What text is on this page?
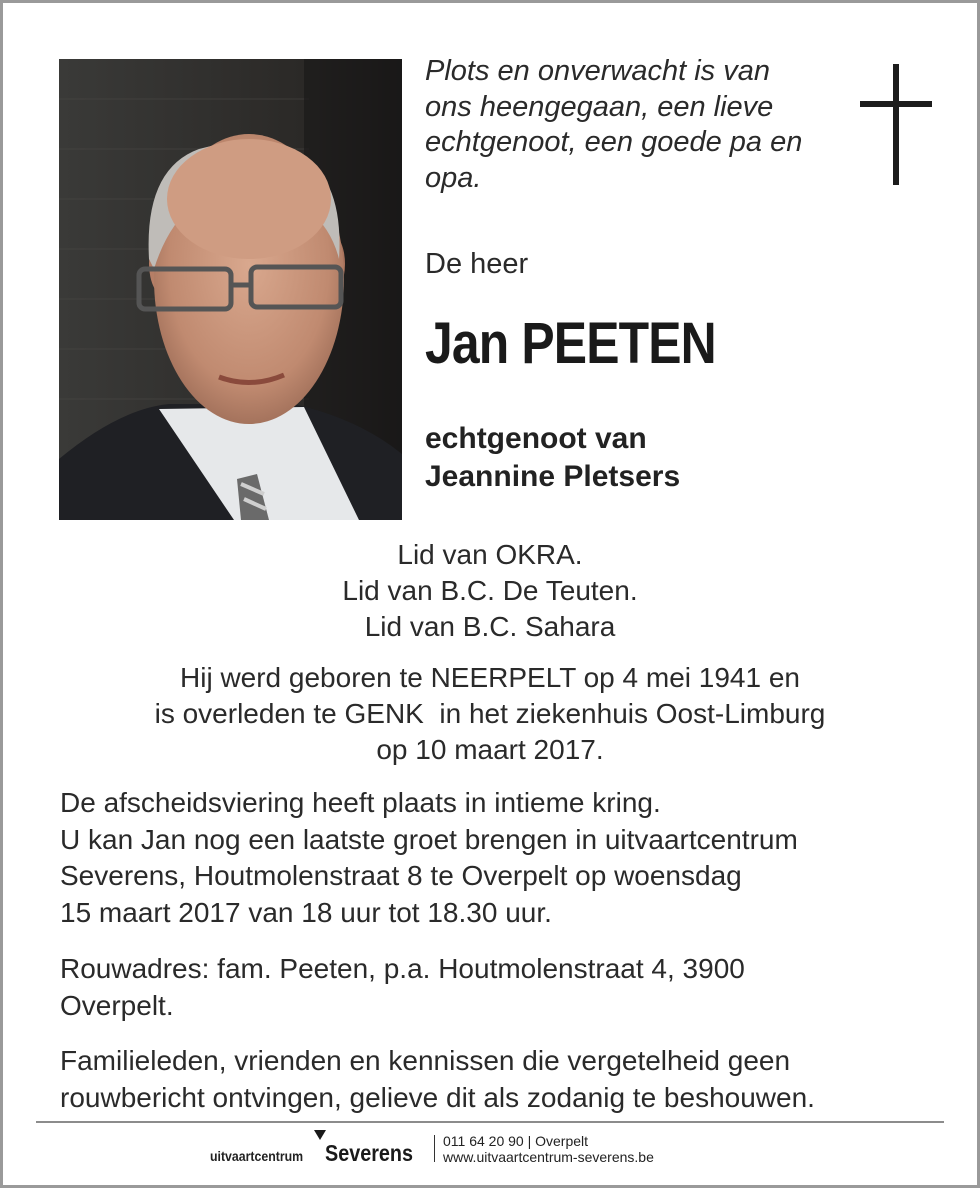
Plots en onverwacht is van
ons heengegaan, een lieve
echtgenoot, een goede pa en
opa.
De heer
Jan PEETEN
echtgenoot van
Jeannine Pletsers
Lid van OKRA.
Lid van B.C. De Teuten.
Lid van B.C. Sahara
Hij werd geboren te NEERPELT op 4 mei 1941 en
is overleden te GENK  in het ziekenhuis Oost-Limburg
op 10 maart 2017.
De afscheidsviering heeft plaats in intieme kring.
U kan Jan nog een laatste groet brengen in uitvaartcentrum
Severens, Houtmolenstraat 8 te Overpelt op woensdag
15 maart 2017 van 18 uur tot 18.30 uur.
Rouwadres: fam. Peeten, p.a. Houtmolenstraat 4, 3900
Overpelt.
Familieleden, vrienden en kennissen die vergetelheid geen
rouwbericht ontvingen, gelieve dit als zodanig te beshouwen.
uitvaartcentrum Severens 011 64 20 90 | Overpelt
www.uitvaartcentrum-severens.be
